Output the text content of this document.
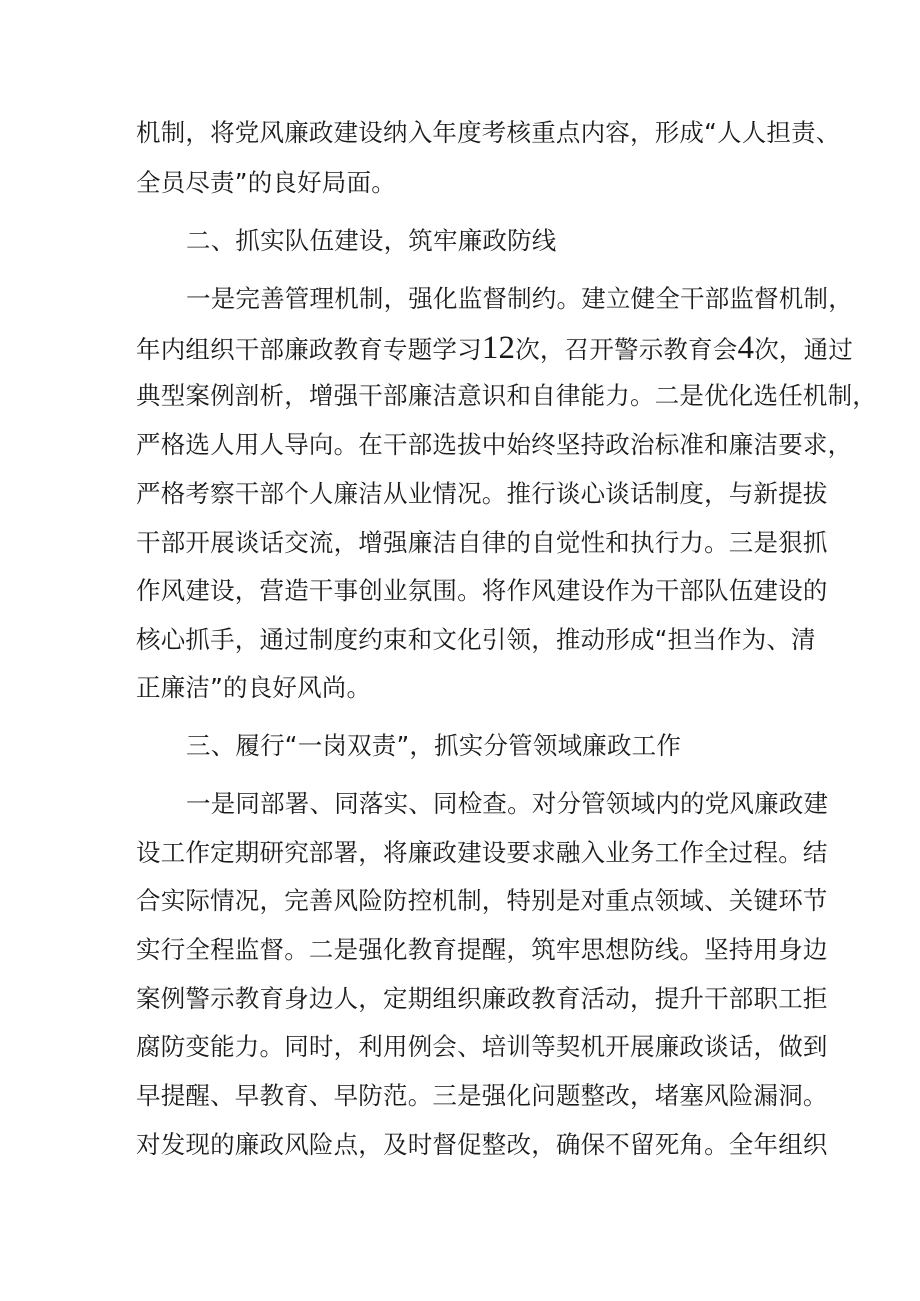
机制，将党风廉政建设纳入年度考核重点内容，形成“人人担责、
全员尽责”的良好局面。
二、抓实队伍建设，筑牢廉政防线
一是完善管理机制，强化监督制约。建立健全干部监督机制，
年内组织干部廉政教育专题学习12次，召开警示教育会4次，通过
典型案例剖析，增强干部廉洁意识和自律能力。二是优化选任机制，
严格选人用人导向。在干部选拔中始终坚持政治标准和廉洁要求，
严格考察干部个人廉洁从业情况。推行谈心谈话制度，与新提拔
干部开展谈话交流，增强廉洁自律的自觉性和执行力。三是狠抓
作风建设，营造干事创业氛围。将作风建设作为干部队伍建设的
核心抓手，通过制度约束和文化引领，推动形成“担当作为、清
正廉洁”的良好风尚。
三、履行“一岗双责”，抓实分管领域廉政工作
一是同部署、同落实、同检查。对分管领域内的党风廉政建
设工作定期研究部署，将廉政建设要求融入业务工作全过程。结
合实际情况，完善风险防控机制，特别是对重点领域、关键环节
实行全程监督。二是强化教育提醒，筑牢思想防线。坚持用身边
案例警示教育身边人，定期组织廉政教育活动，提升干部职工拒
腐防变能力。同时，利用例会、培训等契机开展廉政谈话，做到
早提醒、早教育、早防范。三是强化问题整改，堵塞风险漏洞。
对发现的廉政风险点，及时督促整改，确保不留死角。全年组织
